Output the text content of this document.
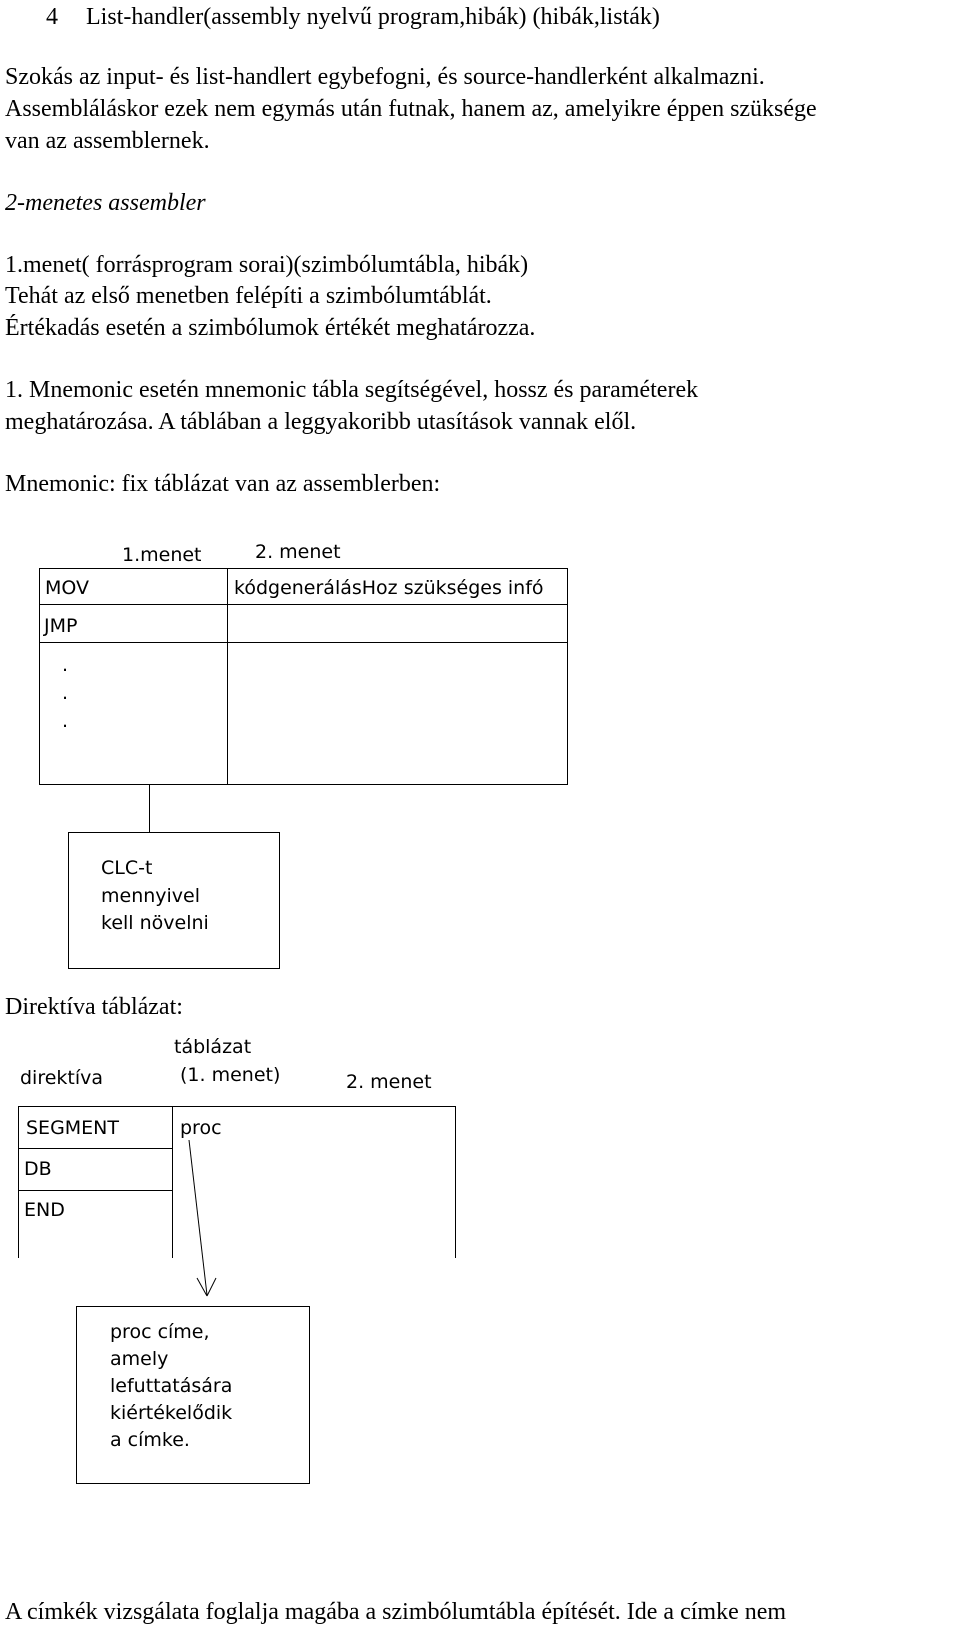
4 List-handler(assembly nyelvű program,hibák) (hibák,listák)

Szokás az input- és list-handlert egybefogni, és source-handlerként alkalmazni.

Assembláláskor ezek nem egymás után futnak, hanem az, amelyikre éppen szüksége

van az assemblernek.

2-menetes assembler

1.menet( forrásprogram sorai)(szimbólumtábla, hibák)

Tehát az első menetben felépíti a szimbólumtáblát.

Értékadás esetén a szimbólumok értékét meghatározza.

1. Mnemonic esetén mnemonic tábla segítségével, hossz és paraméterek

meghatározása. A táblában a leggyakoribb utasítások vannak elől.

Mnemonic: fix táblázat van az assemblerben:

1.menet	2. menet
MOV
JMP
kódgenerálásHoz szükséges infó
.
.
.
CLC-t
mennyivel
kell növelni

Direktíva táblázat:

direktíva
táblázat
(1. menet)	2. menet
SEGMENT
DB
END
proc
proc címe,
amely
lefuttatására
kiértékelődik
a címke.

A címkék vizsgálata foglalja magába a szimbólumtábla építését. Ide a címke nem
